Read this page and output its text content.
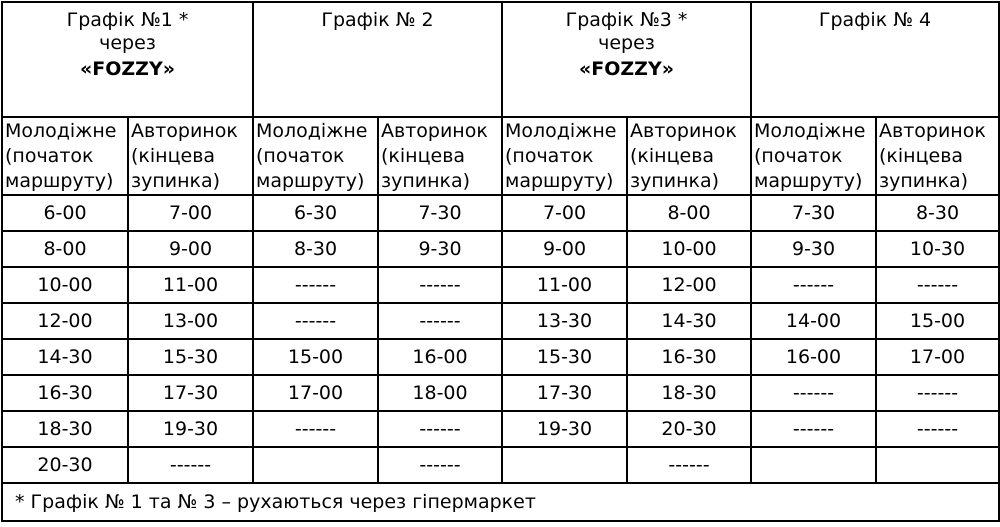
Графік №1 *
через
«FOZZY»		Графік № 2		Графік №3 *
через
«FOZZY»		Графік № 4	

Молодіжне
(початок
маршруту)	Авторинок
(кінцева
зупинка)	Молодіжне
(початок
маршруту)	Авторинок
(кінцева
зупинка)	Молодіжне
(початок
маршруту)	Авторинок
(кінцева
зупинка)	Молодіжне
(початок
маршруту)	Авторинок
(кінцева
зупинка)

6-00	7-00	6-30	7-30	7-00	8-00	7-30	8-30
8-00	9-00	8-30	9-30	9-00	10-00	9-30	10-30
10-00	11-00	------	------	11-00	12-00	------	------
12-00	13-00	------	------	13-30	14-30	14-00	15-00
14-30	15-30	15-00	16-00	15-30	16-30	16-00	17-00
16-30	17-30	17-00	18-00	17-30	18-30	------	------
18-30	19-30	------	------	19-30	20-30	------	------
20-30	------		------		------		
* Графік № 1 та № 3 – рухаються через гіпермаркет							
